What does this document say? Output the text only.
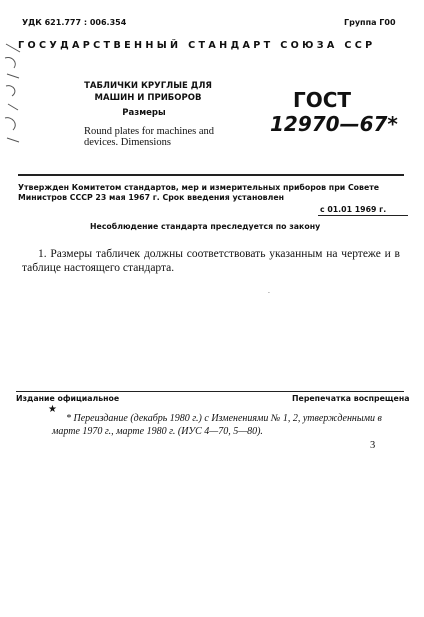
УДК 621.777 : 006.354	Группа Г00
ГОСУДАРСТВЕННЫЙ СТАНДАРТ СОЮЗА ССР
ТАБЛИЧКИ КРУГЛЫЕ ДЛЯ МАШИН И ПРИБОРОВ
Размеры
Round plates for machines and devices. Dimensions
ГОСТ
12970—67*
Утвержден Комитетом стандартов, мер и измерительных приборов при Совете Министров СССР 23 мая 1967 г. Срок введения установлен
с 01.01 1969 г.
Несоблюдение стандарта преследуется по закону
1. Размеры табличек должны соответствовать указанным на чертеже и в таблице настоящего стандарта.
·
Издание официальное	Перепечатка воспрещена
★
* Переиздание (декабрь 1980 г.) с Изменениями № 1, 2, утвержденными в марте 1970 г., марте 1980 г. (ИУС 4—70, 5—80).
3
